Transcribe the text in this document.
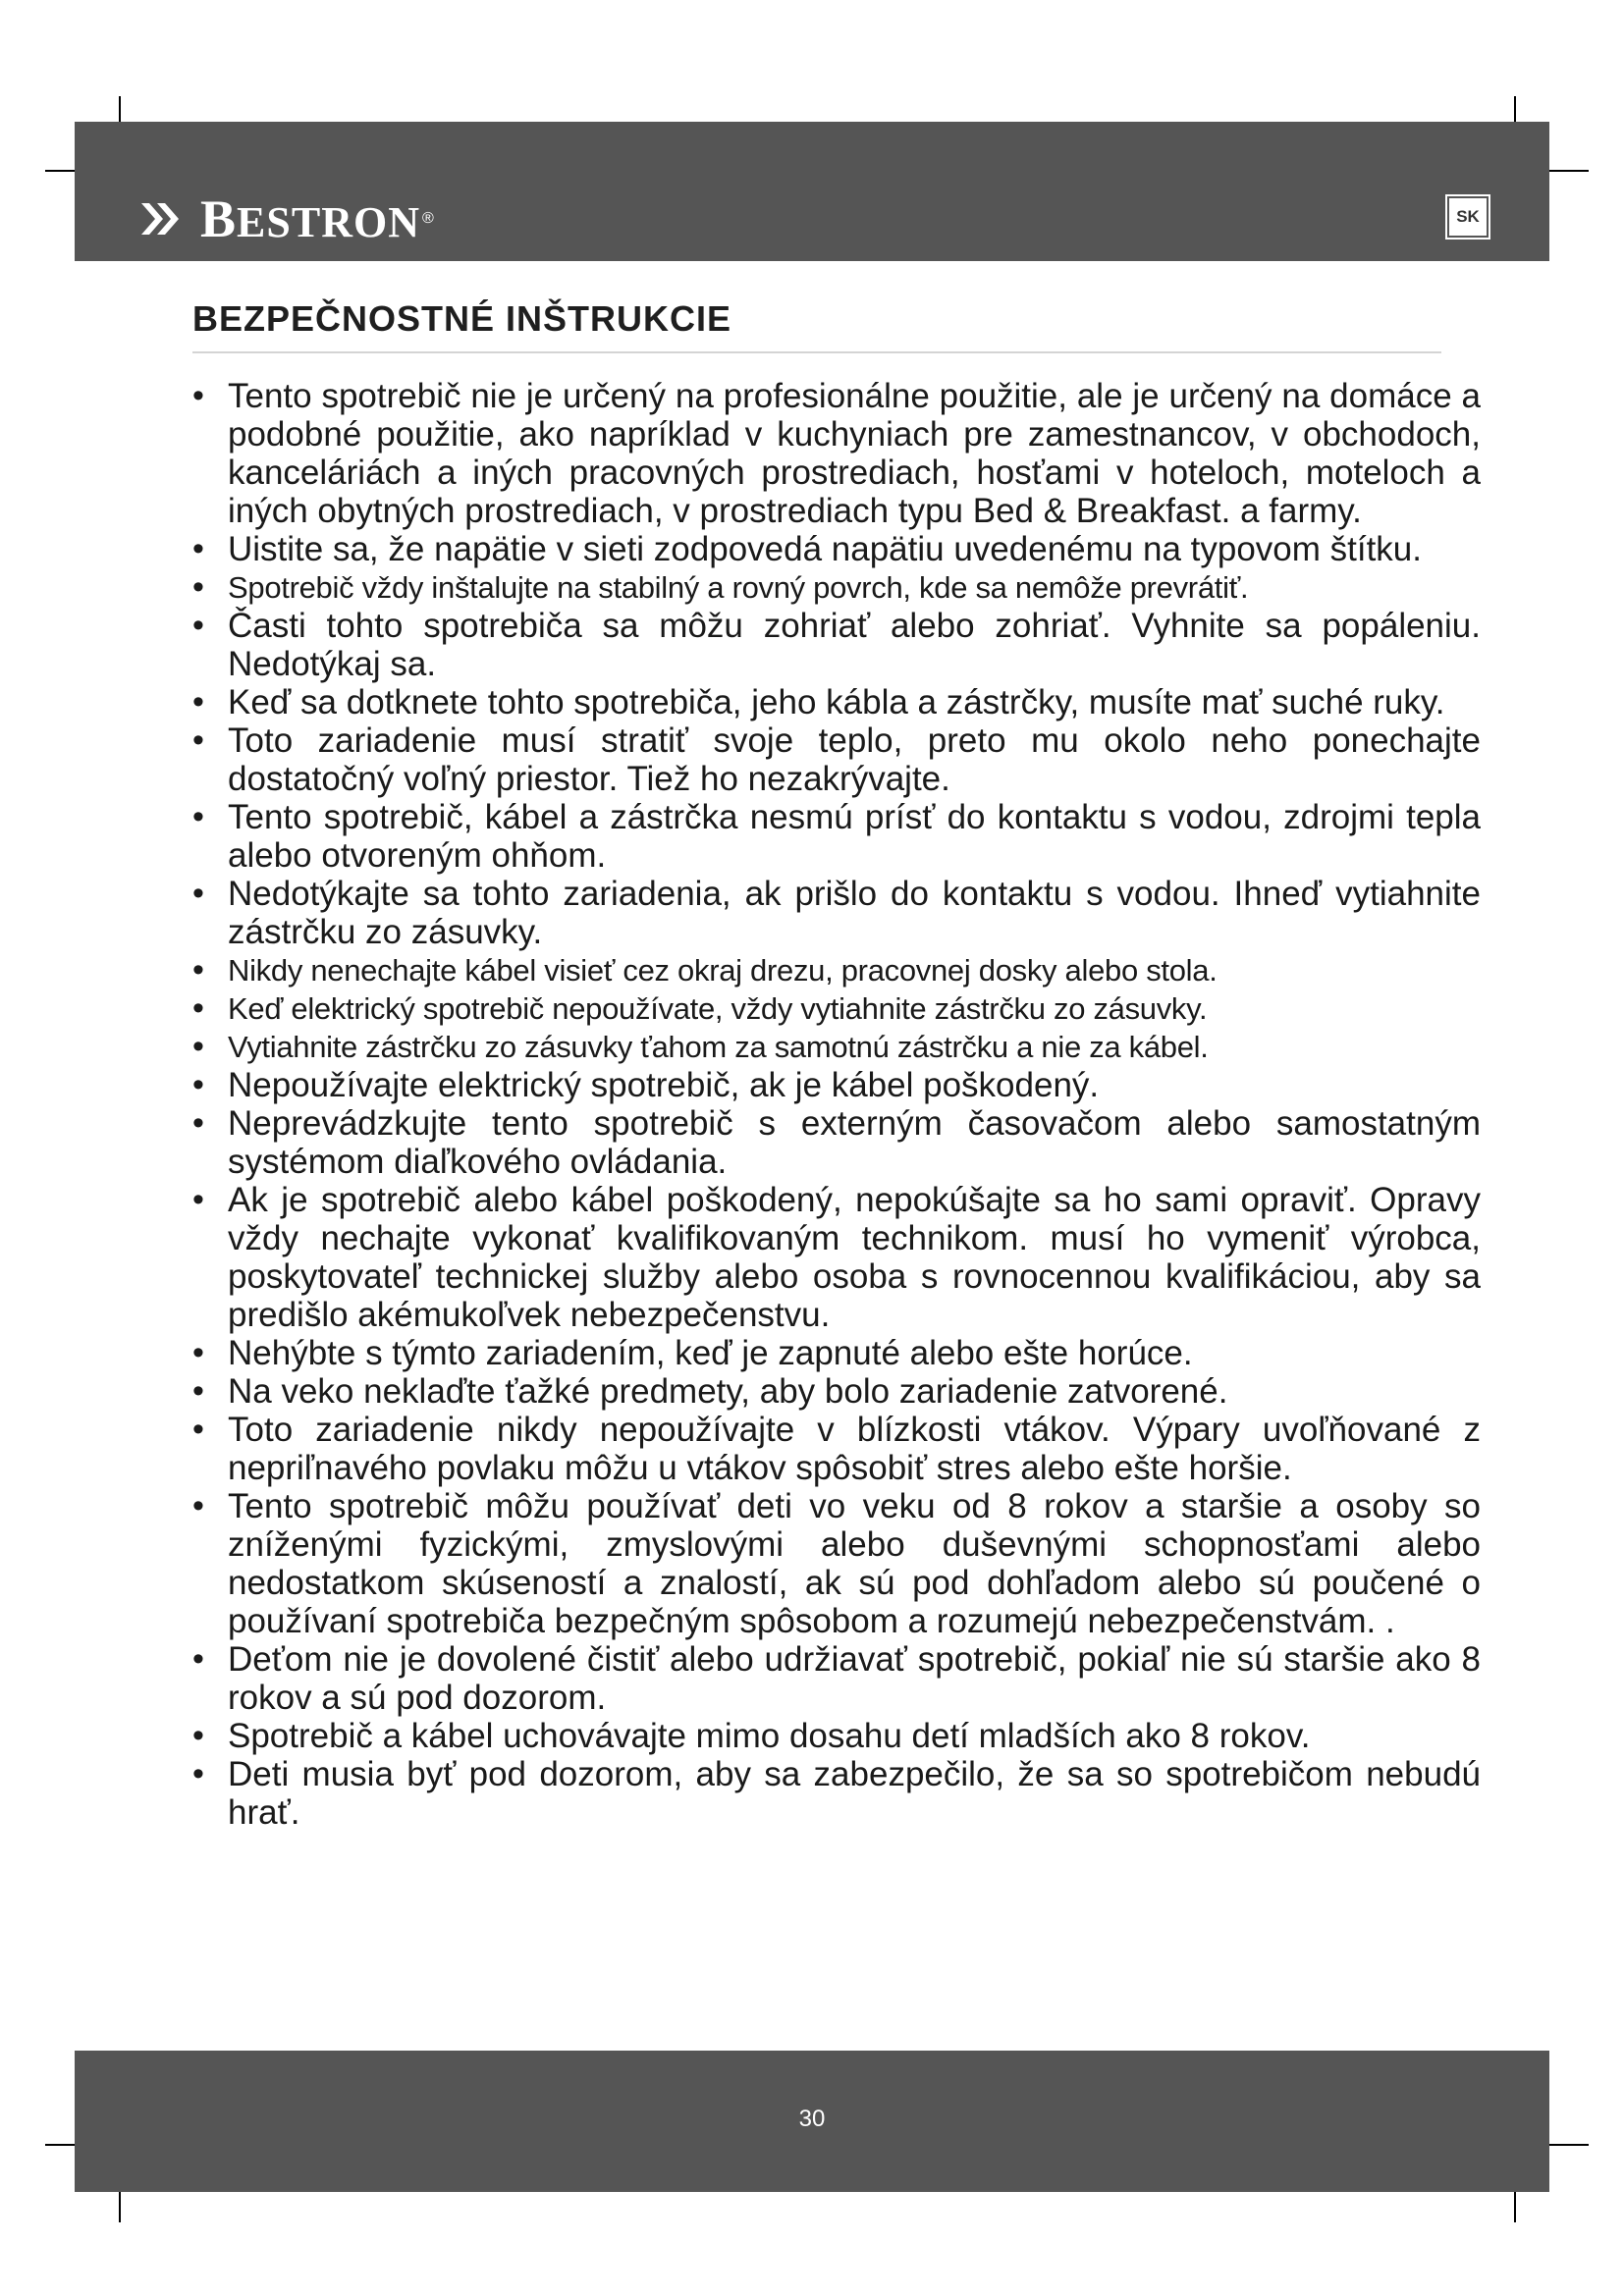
BESTRON ®	SK
BEZPEČNOSTNÉ INŠTRUKCIE
• Tento spotrebič nie je určený na profesionálne použitie, ale je určený na domáce a podobné použitie, ako napríklad v kuchyniach pre zamestnancov, v obchodoch, kanceláriách a iných pracovných prostrediach, hosťami v hoteloch, moteloch a iných obytných prostrediach, v prostrediach typu Bed & Breakfast. a farmy.
• Uistite sa, že napätie v sieti zodpovedá napätiu uvedenému na typovom štítku.
• Spotrebič vždy inštalujte na stabilný a rovný povrch, kde sa nemôže prevrátiť.
• Časti tohto spotrebiča sa môžu zohriať alebo zohriať. Vyhnite sa popáleniu. Nedotýkaj sa.
• Keď sa dotknete tohto spotrebiča, jeho kábla a zástrčky, musíte mať suché ruky.
• Toto zariadenie musí stratiť svoje teplo, preto mu okolo neho ponechajte dostatočný voľný priestor. Tiež ho nezakrývajte.
• Tento spotrebič, kábel a zástrčka nesmú prísť do kontaktu s vodou, zdrojmi tepla alebo otvoreným ohňom.
• Nedotýkajte sa tohto zariadenia, ak prišlo do kontaktu s vodou. Ihneď vytiahnite zástrčku zo zásuvky.
• Nikdy nenechajte kábel visieť cez okraj drezu, pracovnej dosky alebo stola.
• Keď elektrický spotrebič nepoužívate, vždy vytiahnite zástrčku zo zásuvky.
• Vytiahnite zástrčku zo zásuvky ťahom za samotnú zástrčku a nie za kábel.
• Nepoužívajte elektrický spotrebič, ak je kábel poškodený.
• Neprevádzkujte tento spotrebič s externým časovačom alebo samostatným systémom diaľkového ovládania.
• Ak je spotrebič alebo kábel poškodený, nepokúšajte sa ho sami opraviť. Opravy vždy nechajte vykonať kvalifikovaným technikom. musí ho vymeniť výrobca, poskytovateľ technickej služby alebo osoba s rovnocennou kvalifikáciou, aby sa predišlo akémukoľvek nebezpečenstvu.
• Nehýbte s týmto zariadením, keď je zapnuté alebo ešte horúce.
• Na veko neklaďte ťažké predmety, aby bolo zariadenie zatvorené.
• Toto zariadenie nikdy nepoužívajte v blízkosti vtákov. Výpary uvoľňované z nepriľnavého povlaku môžu u vtákov spôsobiť stres alebo ešte horšie.
• Tento spotrebič môžu používať deti vo veku od 8 rokov a staršie a osoby so zníženými fyzickými, zmyslovými alebo duševnými schopnosťami alebo nedostatkom skúseností a znalostí, ak sú pod dohľadom alebo sú poučené o používaní spotrebiča bezpečným spôsobom a rozumejú nebezpečenstvám. .
• Deťom nie je dovolené čistiť alebo udržiavať spotrebič, pokiaľ nie sú staršie ako 8 rokov a sú pod dozorom.
• Spotrebič a kábel uchovávajte mimo dosahu detí mladších ako 8 rokov.
• Deti musia byť pod dozorom, aby sa zabezpečilo, že sa so spotrebičom nebudú hrať.
30
